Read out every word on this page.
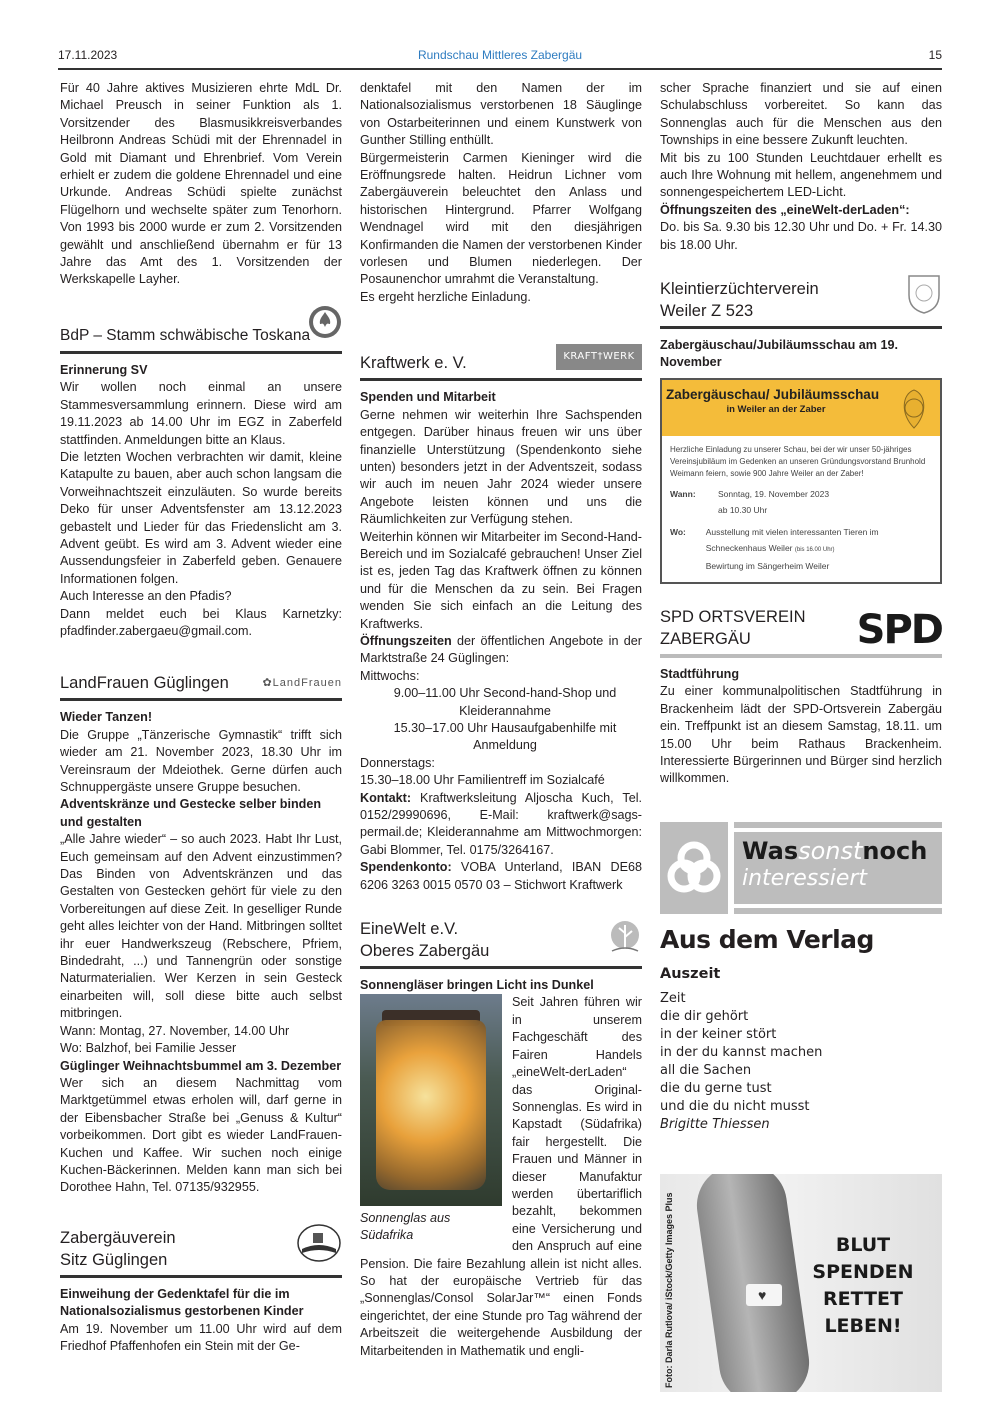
17.11.2023	Rundschau Mittleres Zabergäu	15

Für 40 Jahre aktives Musizieren ehrte MdL Dr. Michael Preusch in seiner Funktion als 1. Vorsitzender des Blasmusikkreisverbandes Heilbronn Andreas Schüdi mit der Ehrennadel in Gold mit Diamant und Ehrenbrief. Vom Verein erhielt er zudem die goldene Ehrennadel und eine Urkunde. Andreas Schüdi spielte zunächst Flügelhorn und wechselte später zum Tenorhorn. Von 1993 bis 2000 wurde er zum 2. Vorsitzenden gewählt und anschließend übernahm er für 13 Jahre das Amt des 1. Vorsitzenden der Werkskapelle Layher.

BdP – Stamm schwäbische Toskana
Erinnerung SV

Wir wollen noch einmal an unsere Stammesversammlung erinnern. Diese wird am 19.11.2023 ab 14.00 Uhr im EGZ in Zaberfeld stattfinden. Anmeldungen bitte an Klaus.

Die letzten Wochen verbrachten wir damit, kleine Katapulte zu bauen, aber auch schon langsam die Vorweihnachtszeit einzuläuten. So wurde bereits Deko für unser Adventsfenster am 13.12.2023 gebastelt und Lieder für das Friedenslicht am 3. Advent geübt. Es wird am 3. Advent wieder eine Aussendungsfeier in Zaberfeld geben. Genauere Informationen folgen.

Auch Interesse an den Pfadis?

Dann meldet euch bei Klaus Karnetzky: pfadfinder.zabergaeu@gmail.com.

LandFrauen Güglingen	✿LandFrauen
Wieder Tanzen!

Die Gruppe „Tänzerische Gymnastik“ trifft sich wieder am 21. November 2023, 18.30 Uhr im Vereinsraum der Mdeiothek. Gerne dürfen auch Schnuppergäste unsere Gruppe besuchen.

Adventskränze und Gestecke selber binden und gestalten

„Alle Jahre wieder“ – so auch 2023. Habt Ihr Lust, Euch gemeinsam auf den Advent einzustimmen? Das Binden von Adventskränzen und das Gestalten von Gestecken gehört für viele zu den Vorbereitungen auf diese Zeit. In geselliger Runde geht alles leichter von der Hand. Mitbringen solltet ihr euer Handwerkszeug (Rebschere, Pfriem, Bindedraht, ...) und Tannengrün oder sonstige Naturmaterialien. Wer Kerzen in sein Gesteck einarbeiten will, soll diese bitte auch selbst mitbringen.

Wann: Montag, 27. November, 14.00 Uhr

Wo: Balzhof, bei Familie Jesser

Güglinger Weihnachtsbummel am 3. Dezember

Wer sich an diesem Nachmittag vom Marktgetümmel etwas erholen will, darf gerne in der Eibensbacher Straße bei „Genuss & Kultur“ vorbeikommen. Dort gibt es wieder LandFrauen-Kuchen und Kaffee. Wir suchen noch einige Kuchen-Bäckerinnen. Melden kann man sich bei Dorothee Hahn, Tel. 07135/932955.

Zabergäuverein
Sitz Güglingen
Einweihung der Gedenktafel für die im Nationalsozialismus gestorbenen Kinder

Am 19. November um 11.00 Uhr wird auf dem Friedhof Pfaffenhofen ein Stein mit der Ge-

denktafel mit den Namen der im Nationalsozialismus verstorbenen 18 Säuglinge von Ostarbeiterinnen und einem Kunstwerk von Gunther Stilling enthüllt.

Bürgermeisterin Carmen Kieninger wird die Eröffnungsrede halten. Heidrun Lichner vom Zabergäuverein beleuchtet den Anlass und historischen Hintergrund. Pfarrer Wolfgang Wendnagel wird mit den diesjährigen Konfirmanden die Namen der verstorbenen Kinder vorlesen und Blumen niederlegen. Der Posaunenchor umrahmt die Veranstaltung.

Es ergeht herzliche Einladung.

Kraftwerk e. V.	KRAFT†WERK
Spenden und Mitarbeit

Gerne nehmen wir weiterhin Ihre Sachspenden entgegen. Darüber hinaus freuen wir uns über finanzielle Unterstützung (Spendenkonto siehe unten) besonders jetzt in der Adventszeit, sodass wir auch im neuen Jahr 2024 wieder unsere Angebote leisten können und uns die Räumlichkeiten zur Verfügung stehen.

Weiterhin können wir Mitarbeiter im Second-Hand-Bereich und im Sozialcafé gebrauchen! Unser Ziel ist es, jeden Tag das Kraftwerk öffnen zu können und für die Menschen da zu sein. Bei Fragen wenden Sie sich einfach an die Leitung des Kraftwerks.

Öffnungszeiten der öffentlichen Angebote in der Marktstraße 24 Güglingen:

Mittwochs:

9.00–11.00 Uhr Second-hand-Shop und Kleiderannahme

15.30–17.00 Uhr Hausaufgabenhilfe mit Anmeldung

Donnerstags:

15.30–18.00 Uhr Familientreff im Sozialcafé

Kontakt: Kraftwerksleitung Aljoscha Kuch, Tel. 0152/29990696, E-Mail: kraftwerk@sags-permail.de; Kleiderannahme am Mittwochmorgen: Gabi Blommer, Tel. 0175/3264167.

Spendenkonto: VOBA Unterland, IBAN DE68 6206 3263 0015 0570 03 – Stichwort Kraftwerk

EineWelt e.V.
Oberes Zabergäu
Sonnengläser bringen Licht ins Dunkel
Sonnenglas aus Südafrika

Seit Jahren führen wir in unserem Fachgeschäft des Fairen Handels „eineWelt-derLaden“ das Original-Sonnenglas. Es wird in Kapstadt (Südafrika) fair hergestellt. Die Frauen und Männer in dieser Manufaktur werden übertariflich bezahlt, bekommen eine Versicherung und den Anspruch auf eine Pension. Die faire Bezahlung allein ist nicht alles. So hat der europäische Vertrieb für das „Sonnenglas/Consol SolarJar™“ einen Fonds eingerichtet, der eine Stunde pro Tag während der Arbeitszeit die weitergehende Ausbildung der Mitarbeitenden in Mathematik und engli-

scher Sprache finanziert und sie auf einen Schulabschluss vorbereitet. So kann das Sonnenglas auch für die Menschen aus den Townships in eine bessere Zukunft leuchten.

Mit bis zu 100 Stunden Leuchtdauer erhellt es auch Ihre Wohnung mit hellem, angenehmem und sonnengespeichertem LED-Licht.

Öffnungszeiten des „eineWelt-derLaden“:

Do. bis Sa. 9.30 bis 12.30 Uhr und Do. + Fr. 14.30 bis 18.00 Uhr.

Kleintierzüchterverein
Weiler Z 523
Zabergäuschau/Jubiläumsschau am 19. November
Zabergäuschau/ Jubiläumsschau
in Weiler an der Zaber
Herzliche Einladung zu unserer Schau, bei der wir unser 50-jähriges Vereinsjubiläum im Gedenken an unseren Gründungsvorstand Brunhold Weimann feiern, sowie 900 Jahre Weiler an der Zaber!
Wann:	Sonntag, 19. November 2023
ab 10.30 Uhr
Wo:	Ausstellung mit vielen interessanten Tieren im Schneckenhaus Weiler (bis 16.00 Uhr)
Bewirtung im Sängerheim Weiler
SPD ORTSVEREIN
ZABERGÄU	SPD
Stadtführung

Zu einer kommunalpolitischen Stadtführung in Brackenheim lädt der SPD-Ortsverein Zabergäu ein. Treffpunkt ist an diesem Samstag, 18.11. um 15.00 Uhr beim Rathaus Brackenheim. Interessierte Bürgerinnen und Bürger sind herzlich willkommen.

Wassonstnoch
interessiert
Aus dem Verlag
Auszeit
Zeit
die dir gehört
in der keiner stört
in der du kannst machen
all die Sachen
die du gerne tust
und die du nicht musst
Brigitte Thiessen
♥
BLUT
SPENDEN
RETTET
LEBEN!
Foto: Darla Rutlova/ iStock/Getty Images Plus
